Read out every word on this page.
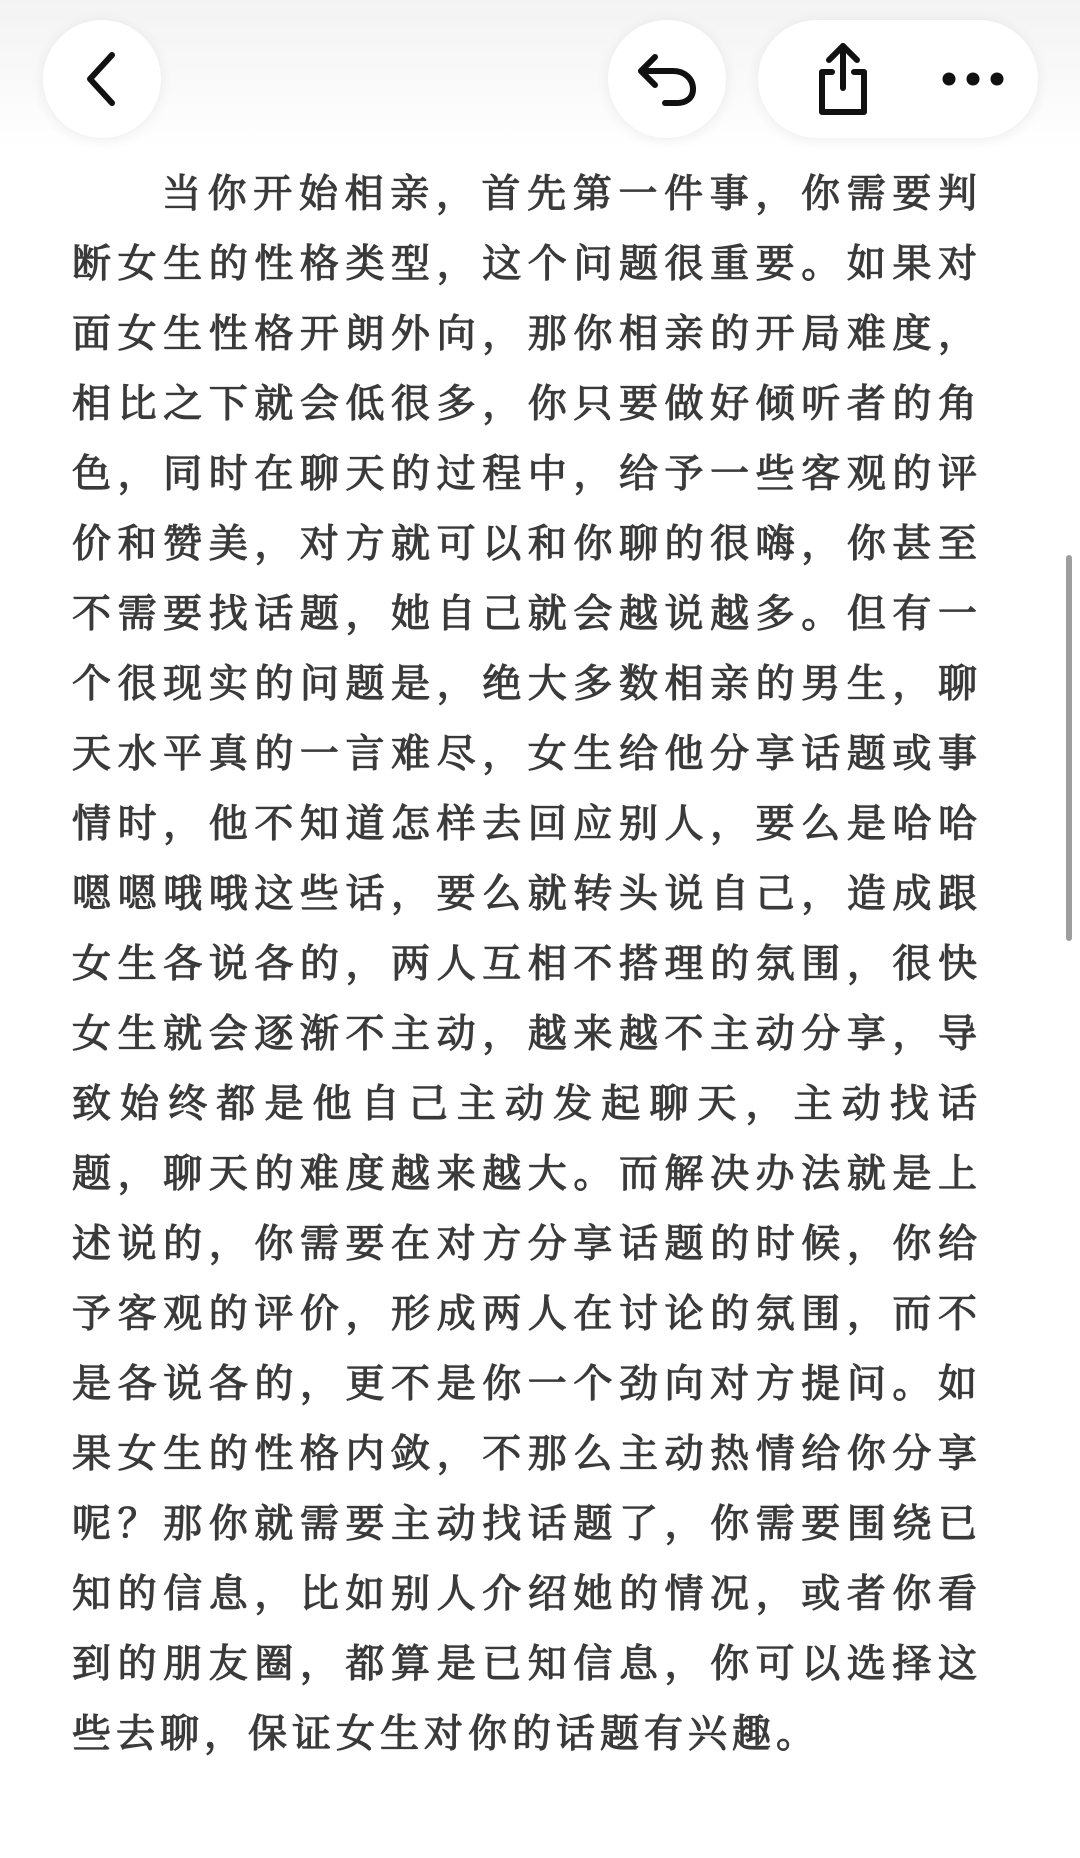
当你开始相亲，首先第一件事，你需要判断女生的性格类型，这个问题很重要。如果对面女生性格开朗外向，那你相亲的开局难度，相比之下就会低很多，你只要做好倾听者的角色，同时在聊天的过程中，给予一些客观的评价和赞美，对方就可以和你聊的很嗨，你甚至不需要找话题，她自己就会越说越多。但有一个很现实的问题是，绝大多数相亲的男生，聊天水平真的一言难尽，女生给他分享话题或事情时，他不知道怎样去回应别人，要么是哈哈嗯嗯哦哦这些话，要么就转头说自己，造成跟女生各说各的，两人互相不搭理的氛围，很快女生就会逐渐不主动，越来越不主动分享，导致始终都是他自己主动发起聊天，主动找话题，聊天的难度越来越大。而解决办法就是上述说的，你需要在对方分享话题的时候，你给予客观的评价，形成两人在讨论的氛围，而不是各说各的，更不是你一个劲向对方提问。如果女生的性格内敛，不那么主动热情给你分享呢？那你就需要主动找话题了，你需要围绕已知的信息，比如别人介绍她的情况，或者你看到的朋友圈，都算是已知信息，你可以选择这些去聊，保证女生对你的话题有兴趣。
